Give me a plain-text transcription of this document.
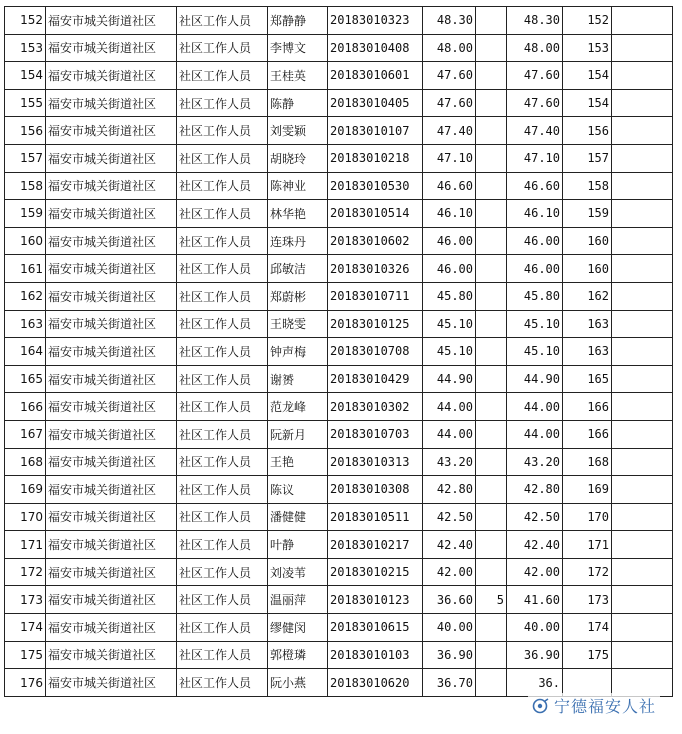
152	福安市城关街道社区	社区工作人员	郑静静	20183010323	48.30		48.30	152	
153	福安市城关街道社区	社区工作人员	李博文	20183010408	48.00		48.00	153	
154	福安市城关街道社区	社区工作人员	王桂英	20183010601	47.60		47.60	154	
155	福安市城关街道社区	社区工作人员	陈静	20183010405	47.60		47.60	154	
156	福安市城关街道社区	社区工作人员	刘雯颖	20183010107	47.40		47.40	156	
157	福安市城关街道社区	社区工作人员	胡晓玲	20183010218	47.10		47.10	157	
158	福安市城关街道社区	社区工作人员	陈神业	20183010530	46.60		46.60	158	
159	福安市城关街道社区	社区工作人员	林华艳	20183010514	46.10		46.10	159	
160	福安市城关街道社区	社区工作人员	连珠丹	20183010602	46.00		46.00	160	
161	福安市城关街道社区	社区工作人员	邱敏洁	20183010326	46.00		46.00	160	
162	福安市城关街道社区	社区工作人员	郑蔚彬	20183010711	45.80		45.80	162	
163	福安市城关街道社区	社区工作人员	王晓雯	20183010125	45.10		45.10	163	
164	福安市城关街道社区	社区工作人员	钟声梅	20183010708	45.10		45.10	163	
165	福安市城关街道社区	社区工作人员	谢赟	20183010429	44.90		44.90	165	
166	福安市城关街道社区	社区工作人员	范龙峰	20183010302	44.00		44.00	166	
167	福安市城关街道社区	社区工作人员	阮新月	20183010703	44.00		44.00	166	
168	福安市城关街道社区	社区工作人员	王艳	20183010313	43.20		43.20	168	
169	福安市城关街道社区	社区工作人员	陈议	20183010308	42.80		42.80	169	
170	福安市城关街道社区	社区工作人员	潘健健	20183010511	42.50		42.50	170	
171	福安市城关街道社区	社区工作人员	叶静	20183010217	42.40		42.40	171	
172	福安市城关街道社区	社区工作人员	刘凌苇	20183010215	42.00		42.00	172	
173	福安市城关街道社区	社区工作人员	温丽萍	20183010123	36.60	5	41.60	173	
174	福安市城关街道社区	社区工作人员	缪健闵	20183010615	40.00		40.00	174	
175	福安市城关街道社区	社区工作人员	郭橙璘	20183010103	36.90		36.90	175	
176	福安市城关街道社区	社区工作人员	阮小燕	20183010620	36.70		36.		
宁德福安人社
